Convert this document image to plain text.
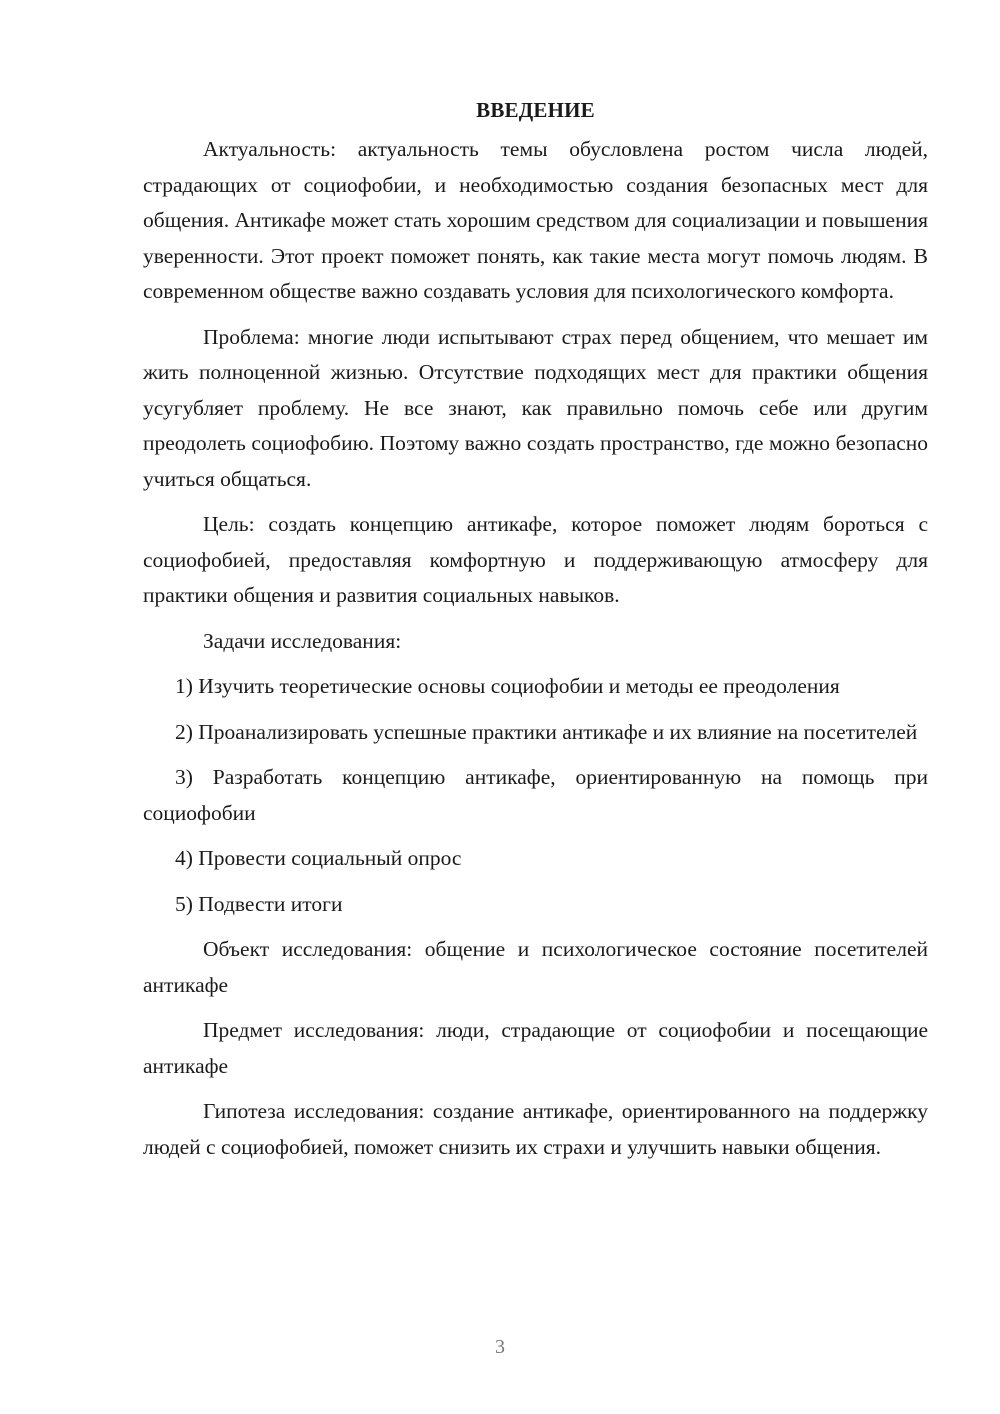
ВВЕДЕНИЕ

Актуальность: актуальность темы обусловлена ростом числа людей, страдающих от социофобии, и необходимостью создания безопасных мест для общения. Антикафе может стать хорошим средством для социализации и повышения уверенности. Этот проект поможет понять, как такие места могут помочь людям. В современном обществе важно создавать условия для психологического комфорта.

Проблема: многие люди испытывают страх перед общением, что мешает им жить полноценной жизнью. Отсутствие подходящих мест для практики общения усугубляет проблему. Не все знают, как правильно помочь себе или другим преодолеть социофобию. Поэтому важно создать пространство, где можно безопасно учиться общаться.

Цель: создать концепцию антикафе, которое поможет людям бороться с социофобией, предоставляя комфортную и поддерживающую атмосферу для практики общения и развития социальных навыков.

Задачи исследования:

1) Изучить теоретические основы социофобии и методы ее преодоления

2) Проанализировать успешные практики антикафе и их влияние на посетителей

3) Разработать концепцию антикафе, ориентированную на помощь при социофобии

4) Провести социальный опрос

5) Подвести итоги

Объект исследования: общение и психологическое состояние посетителей антикафе

Предмет исследования: люди, страдающие от социофобии и посещающие антикафе

Гипотеза исследования: создание антикафе, ориентированного на поддержку людей с социофобией, поможет снизить их страхи и улучшить навыки общения.

3
